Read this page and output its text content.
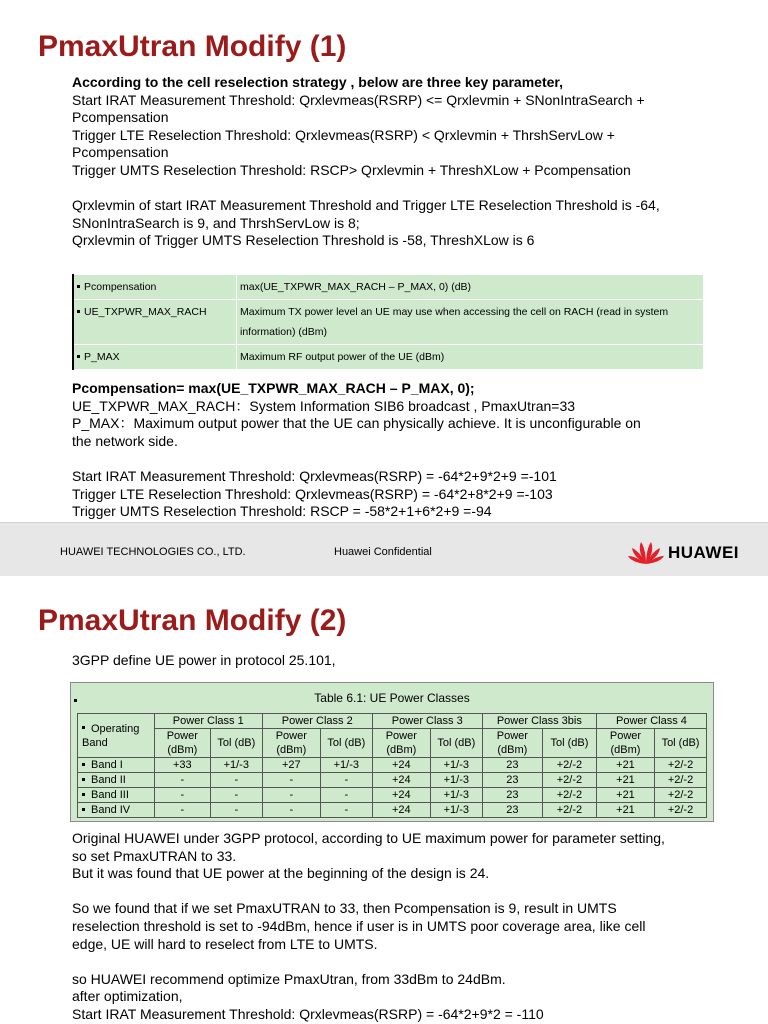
PmaxUtran Modify (1)
According to the cell reselection strategy , below are three key parameter,
Start IRAT Measurement Threshold: Qrxlevmeas(RSRP) <= Qrxlevmin + SNonIntraSearch +
Pcompensation
Trigger LTE Reselection Threshold: Qrxlevmeas(RSRP) < Qrxlevmin + ThrshServLow +
Pcompensation
Trigger UMTS Reselection Threshold: RSCP> Qrxlevmin + ThreshXLow + Pcompensation
Qrxlevmin of start IRAT Measurement Threshold and Trigger LTE Reselection Threshold is -64,
SNonIntraSearch is 9, and ThrshServLow is 8;
Qrxlevmin of Trigger UMTS Reselection Threshold is -58, ThreshXLow is 6
Pcompensation	max(UE_TXPWR_MAX_RACH – P_MAX, 0) (dB)
UE_TXPWR_MAX_RACH	Maximum TX power level an UE may use when accessing the cell on RACH (read in system information) (dBm)
P_MAX	Maximum RF output power of the UE (dBm)
Pcompensation= max(UE_TXPWR_MAX_RACH – P_MAX, 0);
UE_TXPWR_MAX_RACH：System Information SIB6 broadcast , PmaxUtran=33
P_MAX：Maximum output power that the UE can physically achieve. It is unconfigurable on
the network side.
Start IRAT Measurement Threshold: Qrxlevmeas(RSRP) = -64*2+9*2+9 =-101
Trigger LTE Reselection Threshold: Qrxlevmeas(RSRP) = -64*2+8*2+9 =-103
Trigger UMTS Reselection Threshold: RSCP = -58*2+1+6*2+9 =-94
HUAWEI TECHNOLOGIES CO., LTD.	Huawei Confidential	HUAWEI
PmaxUtran Modify (2)
3GPP define UE power in protocol 25.101,
Table 6.1: UE Power Classes
Operating Band	Power Class 1		Power Class 2		Power Class 3		Power Class 3bis		Power Class 4	
	Power (dBm)	Tol (dB)	Power (dBm)	Tol (dB)	Power (dBm)	Tol (dB)	Power (dBm)	Tol (dB)	Power (dBm)	Tol (dB)
Band I	+33	+1/-3	+27	+1/-3	+24	+1/-3	23	+2/-2	+21	+2/-2
Band II	-	-	-	-	+24	+1/-3	23	+2/-2	+21	+2/-2
Band III	-	-	-	-	+24	+1/-3	23	+2/-2	+21	+2/-2
Band IV	-	-	-	-	+24	+1/-3	23	+2/-2	+21	+2/-2
Original HUAWEI under 3GPP protocol, according to UE maximum power for parameter setting,
so set PmaxUTRAN to 33.
But it was found that UE power at the beginning of the design is 24.
So we found that if we set PmaxUTRAN to 33, then Pcompensation is 9, result in UMTS
reselection threshold is set to -94dBm, hence if user is in UMTS poor coverage area, like cell
edge, UE will hard to reselect from LTE to UMTS.
so HUAWEI recommend optimize PmaxUtran, from 33dBm to 24dBm.
after optimization,
Start IRAT Measurement Threshold: Qrxlevmeas(RSRP) = -64*2+9*2 = -110
